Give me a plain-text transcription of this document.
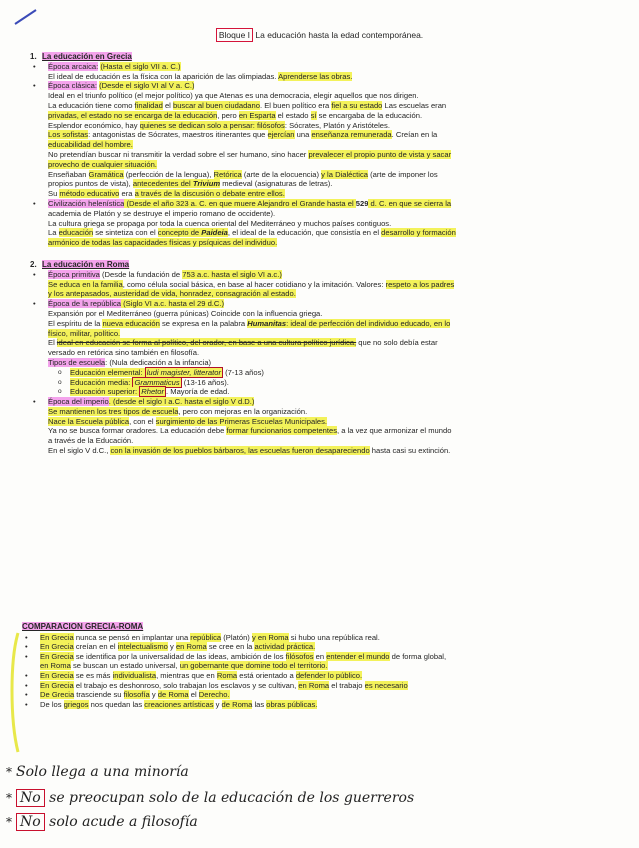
Bloque I La educación hasta la edad contemporánea.
1. La educación en Grecia
• Época arcaica: (Hasta el siglo VII a. C.)
El ideal de educación es la física con la aparición de las olimpiadas. Aprenderse las obras.
• Época clásica: (Desde el siglo VI al V a. C.)
Ideal en el triunfo político (el mejor político) ya que Atenas es una democracia, elegir aquellos que nos dirigen.
La educación tiene como finalidad el buscar al buen ciudadano. El buen político era fiel a su estado Las escuelas eran
privadas, el estado no se encarga de la educación, pero en Esparta el estado sí se encargaba de la educación.
Esplendor económico, hay quienes se dedican solo a pensar: filósofos: Sócrates, Platón y Aristóteles.
Los sofistas: antagonistas de Sócrates, maestros itinerantes que ejercían una enseñanza remunerada. Creían en la
educabilidad del hombre.
No pretendían buscar ni transmitir la verdad sobre el ser humano, sino hacer prevalecer el propio punto de vista y sacar
provecho de cualquier situación.
Enseñaban Gramática (perfección de la lengua), Retórica (arte de la elocuencia) y la Dialéctica (arte de imponer los
propios puntos de vista), antecedentes del Trivium medieval (asignaturas de letras).
Su método educativo era a través de la discusión o debate entre ellos.
• Civilización helenística (Desde el año 323 a. C. en que muere Alejandro el Grande hasta el 529 d. C. en que se cierra la
academia de Platón y se destruye el imperio romano de occidente).
La cultura griega se propaga por toda la cuenca oriental del Mediterráneo y muchos países contiguos.
La educación se sintetiza con el concepto de Paideia, el ideal de la educación, que consistía en el desarrollo y formación
armónico de todas las capacidades físicas y psíquicas del individuo.
2. La educación en Roma
• Época primitiva (Desde la fundación de 753 a.c. hasta el siglo VI a.c.)
Se educa en la familia, como célula social básica, en base al hacer cotidiano y la imitación. Valores: respeto a los padres
y los antepasados, austeridad de vida, honradez, consagración al estado.
• Época de la república (Siglo VI a.c. hasta el 29 d.C.)
Expansión por el Mediterráneo (guerra púnicas) Coincide con la influencia griega.
El espíritu de la nueva educación se expresa en la palabra Humanitas: ideal de perfección del individuo educado, en lo
físico, militar, político.
El ideal en educación se forma al político, del orador, en base a una cultura político jurídica, que no solo debía estar
versado en retórica sino también en filosofía.
Tipos de escuela: (Nula dedicación a la infancia)
o Educación elemental: ludi magister, litterator (7-13 años)
o Educación media: Grammaticus (13-16 años).
o Educación superior: Rhetor . Mayoría de edad.
• Época del imperio. (desde el siglo I a.C. hasta el siglo V d.D.)
Se mantienen los tres tipos de escuela, pero con mejoras en la organización.
Nace la Escuela pública, con el surgimiento de las Primeras Escuelas Municipales.
Ya no se busca formar oradores. La educación debe formar funcionarios competentes, a la vez que armonizar el mundo
a través de la Educación.
En el siglo V d.C., con la invasión de los pueblos bárbaros, las escuelas fueron desapareciendo hasta casi su extinción.
COMPARACION GRECIA-ROMA
• En Grecia nunca se pensó en implantar una república (Platón) y en Roma si hubo una república real.
• En Grecia creían en el intelectualismo y en Roma se cree en la actividad práctica.
• En Grecia se identifica por la universalidad de las ideas, ambición de los filósofos en entender el mundo de forma global,
en Roma se buscan un estado universal, un gobernante que domine todo el territorio.
• En Grecia se es más individualista, mientras que en Roma está orientado a defender lo público.
• En Grecia el trabajo es deshonroso, solo trabajan los esclavos y se cultivan, en Roma el trabajo es necesario
• De Grecia trasciende su filosofía y de Roma el Derecho.
• De los griegos nos quedan las creaciones artísticas y de Roma las obras públicas.
* Solo llega a una minoría
* No se preocupan solo de la educación de los guerreros
* No solo acude a filosofía
